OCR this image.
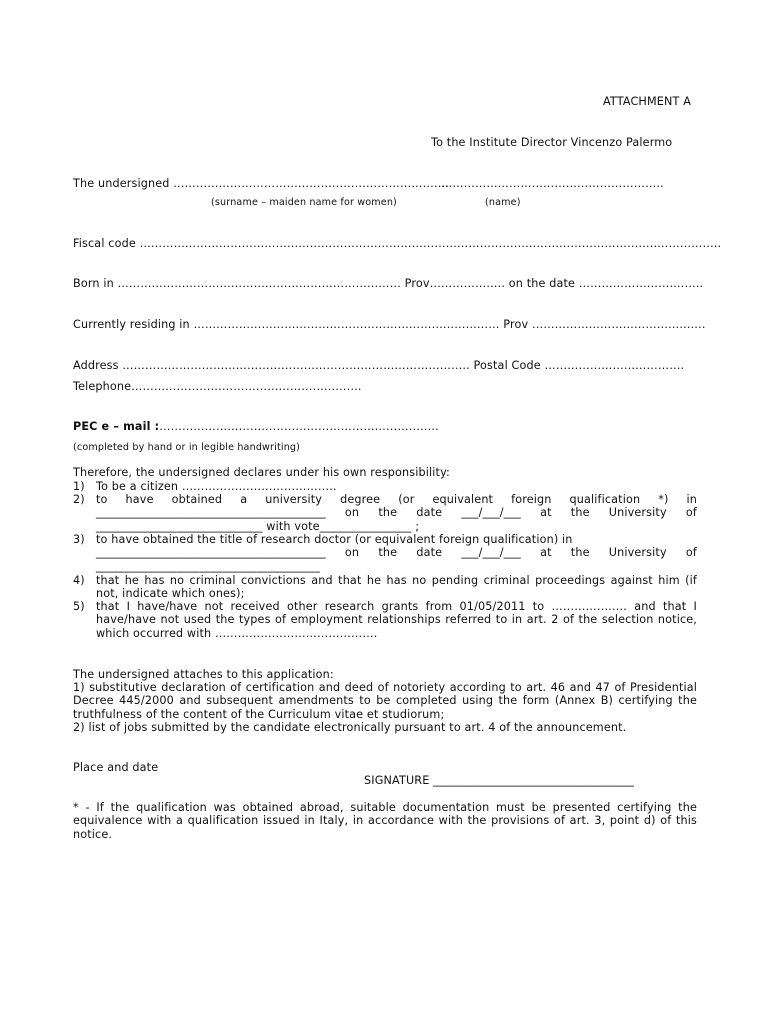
ATTACHMENT A
To the Institute Director Vincenzo Palermo
The undersigned ……………………………………………………………….
…………………………………………………..
(surname – maiden name for women)	(name)
Fiscal code ………………………………………………………………………………………………………………………..……………..
Born in ………………………………………………………………… Prov…………….…. on the date …………………….……..
Currently residing in ……………………………………………………………………… Prov …………………………………..…..
Address ……………………………………………………………………………….. Postal Code ……………………………….
Telephone…………………………………………………….
PEC e – mail :………………………………………………………………..
(completed by hand or in legible handwriting)
Therefore, the undersigned declares under his own responsibility:
1)	To be a citizen …………………………………..
2)	to have obtained a university degree (or equivalent foreign qualification *) in
________________________________________ on the date ___/___/___ at the University of
_____________________________ with vote________________ ;
3)	to have obtained the title of research doctor (or equivalent foreign qualification) in
________________________________________ on the date ___/___/___ at the University of
_______________________________________
4)	that he has no criminal convictions and that he has no pending criminal proceedings against him (if
not, indicate which ones);
5)	that I have/have not received other research grants from 01/05/2011 to ………….……. and that I
have/have not used the types of employment relationships referred to in art. 2 of the selection notice,
which occurred with …………………………………….
The undersigned attaches to this application:
1) substitutive declaration of certification and deed of notoriety according to art. 46 and 47 of Presidential
Decree 445/2000 and subsequent amendments to be completed using the form (Annex B) certifying the
truthfulness of the content of the Curriculum vitae et studiorum;
2) list of jobs submitted by the candidate electronically pursuant to art. 4 of the announcement.
Place and date
SIGNATURE ___________________________________
* - If the qualification was obtained abroad, suitable documentation must be presented certifying the
equivalence with a qualification issued in Italy, in accordance with the provisions of art. 3, point d) of this
notice.
